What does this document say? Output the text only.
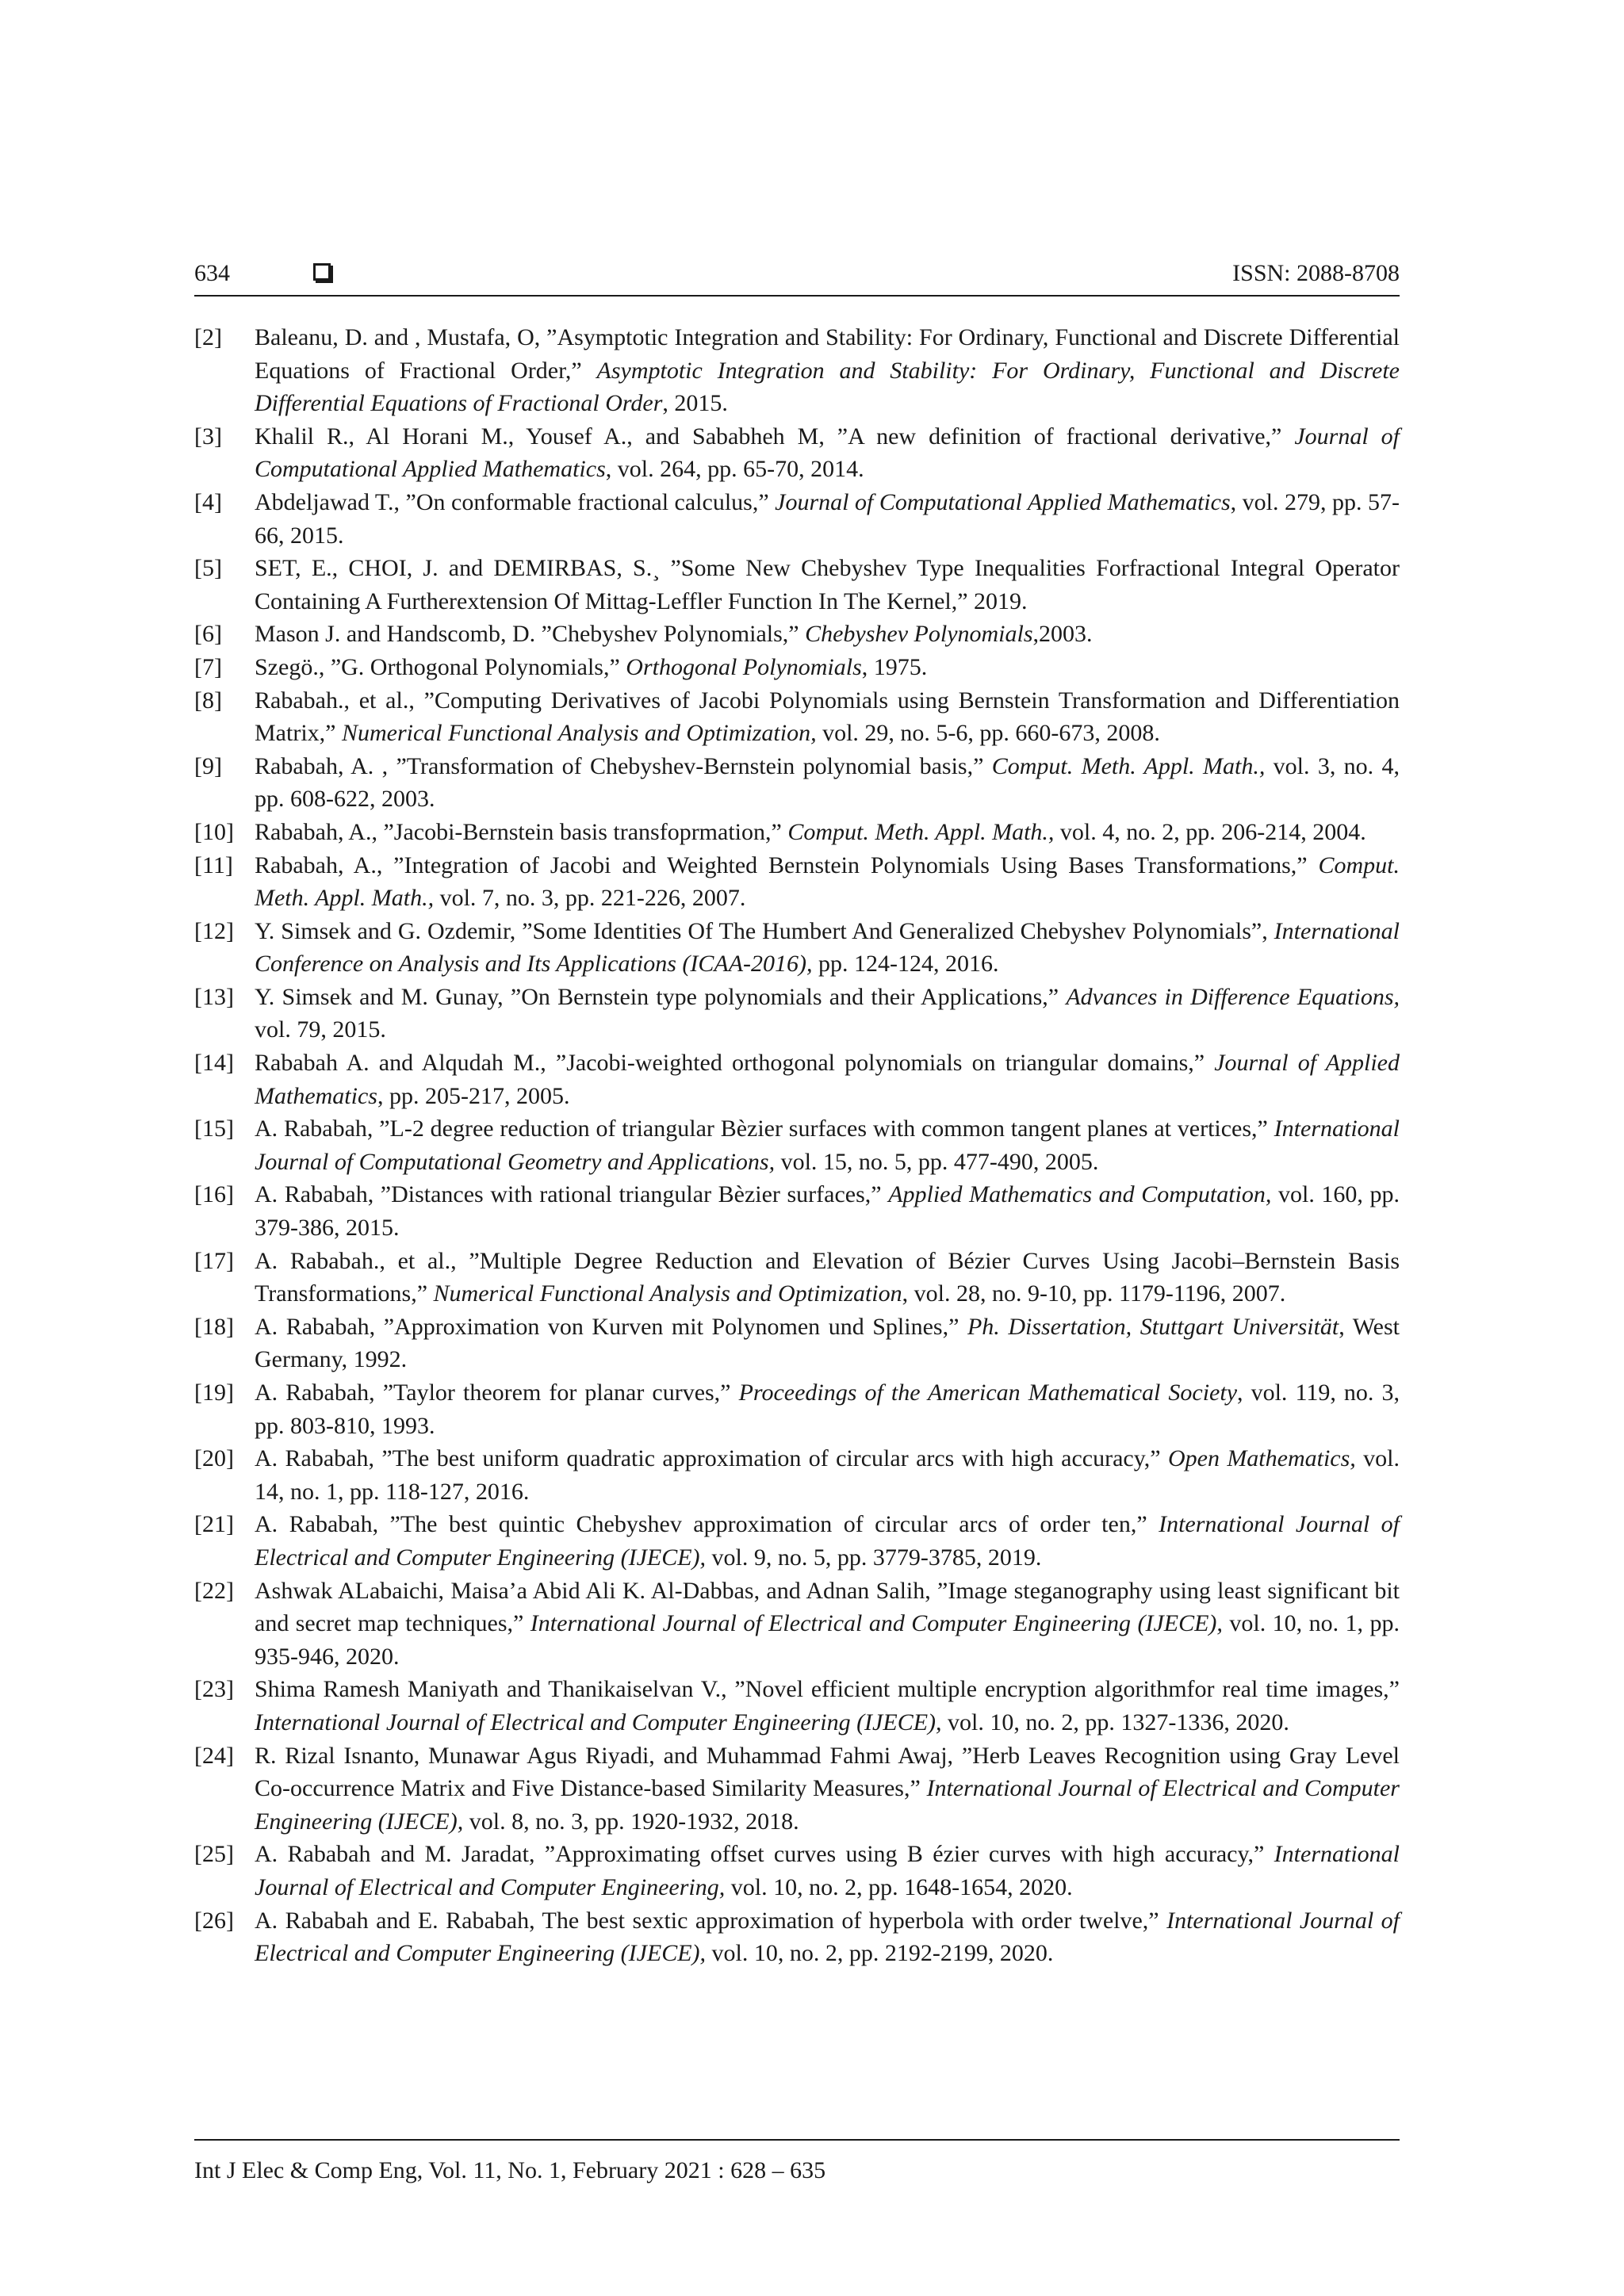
634	ISSN: 2088-8708
[2] Baleanu, D. and , Mustafa, O, ”Asymptotic Integration and Stability: For Ordinary, Functional and Discrete Differential Equations of Fractional Order,” Asymptotic Integration and Stability: For Ordinary, Functional and Discrete Differential Equations of Fractional Order, 2015.
[3] Khalil R., Al Horani M., Yousef A., and Sababheh M, ”A new definition of fractional derivative,” Journal of Computational Applied Mathematics, vol. 264, pp. 65-70, 2014.
[4] Abdeljawad T., ”On conformable fractional calculus,” Journal of Computational Applied Mathematics, vol. 279, pp. 57-66, 2015.
[5] SET, E., CHOI, J. and DEMIRBAS, S.¸ ”Some New Chebyshev Type Inequalities Forfractional Integral Operator Containing A Furtherextension Of Mittag-Leffler Function In The Kernel,” 2019.
[6] Mason J. and Handscomb, D. ”Chebyshev Polynomials,” Chebyshev Polynomials,2003.
[7] Szegö., ”G. Orthogonal Polynomials,” Orthogonal Polynomials, 1975.
[8] Rababah., et al., ”Computing Derivatives of Jacobi Polynomials using Bernstein Transformation and Differentiation Matrix,” Numerical Functional Analysis and Optimization, vol. 29, no. 5-6, pp. 660-673, 2008.
[9] Rababah, A. , ”Transformation of Chebyshev-Bernstein polynomial basis,” Comput. Meth. Appl. Math., vol. 3, no. 4, pp. 608-622, 2003.
[10] Rababah, A., ”Jacobi-Bernstein basis transfoprmation,” Comput. Meth. Appl. Math., vol. 4, no. 2, pp. 206-214, 2004.
[11] Rababah, A., ”Integration of Jacobi and Weighted Bernstein Polynomials Using Bases Transformations,” Comput. Meth. Appl. Math., vol. 7, no. 3, pp. 221-226, 2007.
[12] Y. Simsek and G. Ozdemir, ”Some Identities Of The Humbert And Generalized Chebyshev Polynomials”, International Conference on Analysis and Its Applications (ICAA-2016), pp. 124-124, 2016.
[13] Y. Simsek and M. Gunay, ”On Bernstein type polynomials and their Applications,” Advances in Difference Equations, vol. 79, 2015.
[14] Rababah A. and Alqudah M., ”Jacobi-weighted orthogonal polynomials on triangular domains,” Journal of Applied Mathematics, pp. 205-217, 2005.
[15] A. Rababah, ”L-2 degree reduction of triangular Bèzier surfaces with common tangent planes at vertices,” International Journal of Computational Geometry and Applications, vol. 15, no. 5, pp. 477-490, 2005.
[16] A. Rababah, ”Distances with rational triangular Bèzier surfaces,” Applied Mathematics and Computation, vol. 160, pp. 379-386, 2015.
[17] A. Rababah., et al., ”Multiple Degree Reduction and Elevation of Bézier Curves Using Jacobi–Bernstein Basis Transformations,” Numerical Functional Analysis and Optimization, vol. 28, no. 9-10, pp. 1179-1196, 2007.
[18] A. Rababah, ”Approximation von Kurven mit Polynomen und Splines,” Ph. Dissertation, Stuttgart Universität, West Germany, 1992.
[19] A. Rababah, ”Taylor theorem for planar curves,” Proceedings of the American Mathematical Society, vol. 119, no. 3, pp. 803-810, 1993.
[20] A. Rababah, ”The best uniform quadratic approximation of circular arcs with high accuracy,” Open Mathematics, vol. 14, no. 1, pp. 118-127, 2016.
[21] A. Rababah, ”The best quintic Chebyshev approximation of circular arcs of order ten,” International Journal of Electrical and Computer Engineering (IJECE), vol. 9, no. 5, pp. 3779-3785, 2019.
[22] Ashwak ALabaichi, Maisa’a Abid Ali K. Al-Dabbas, and Adnan Salih, ”Image steganography using least significant bit and secret map techniques,” International Journal of Electrical and Computer Engineering (IJECE), vol. 10, no. 1, pp. 935-946, 2020.
[23] Shima Ramesh Maniyath and Thanikaiselvan V., ”Novel efficient multiple encryption algorithmfor real time images,” International Journal of Electrical and Computer Engineering (IJECE), vol. 10, no. 2, pp. 1327-1336, 2020.
[24] R. Rizal Isnanto, Munawar Agus Riyadi, and Muhammad Fahmi Awaj, ”Herb Leaves Recognition using Gray Level Co-occurrence Matrix and Five Distance-based Similarity Measures,” International Journal of Electrical and Computer Engineering (IJECE), vol. 8, no. 3, pp. 1920-1932, 2018.
[25] A. Rababah and M. Jaradat, ”Approximating offset curves using B ézier curves with high accuracy,” International Journal of Electrical and Computer Engineering, vol. 10, no. 2, pp. 1648-1654, 2020.
[26] A. Rababah and E. Rababah, The best sextic approximation of hyperbola with order twelve,” International Journal of Electrical and Computer Engineering (IJECE), vol. 10, no. 2, pp. 2192-2199, 2020.
Int J Elec & Comp Eng, Vol. 11, No. 1, February 2021 : 628 – 635
